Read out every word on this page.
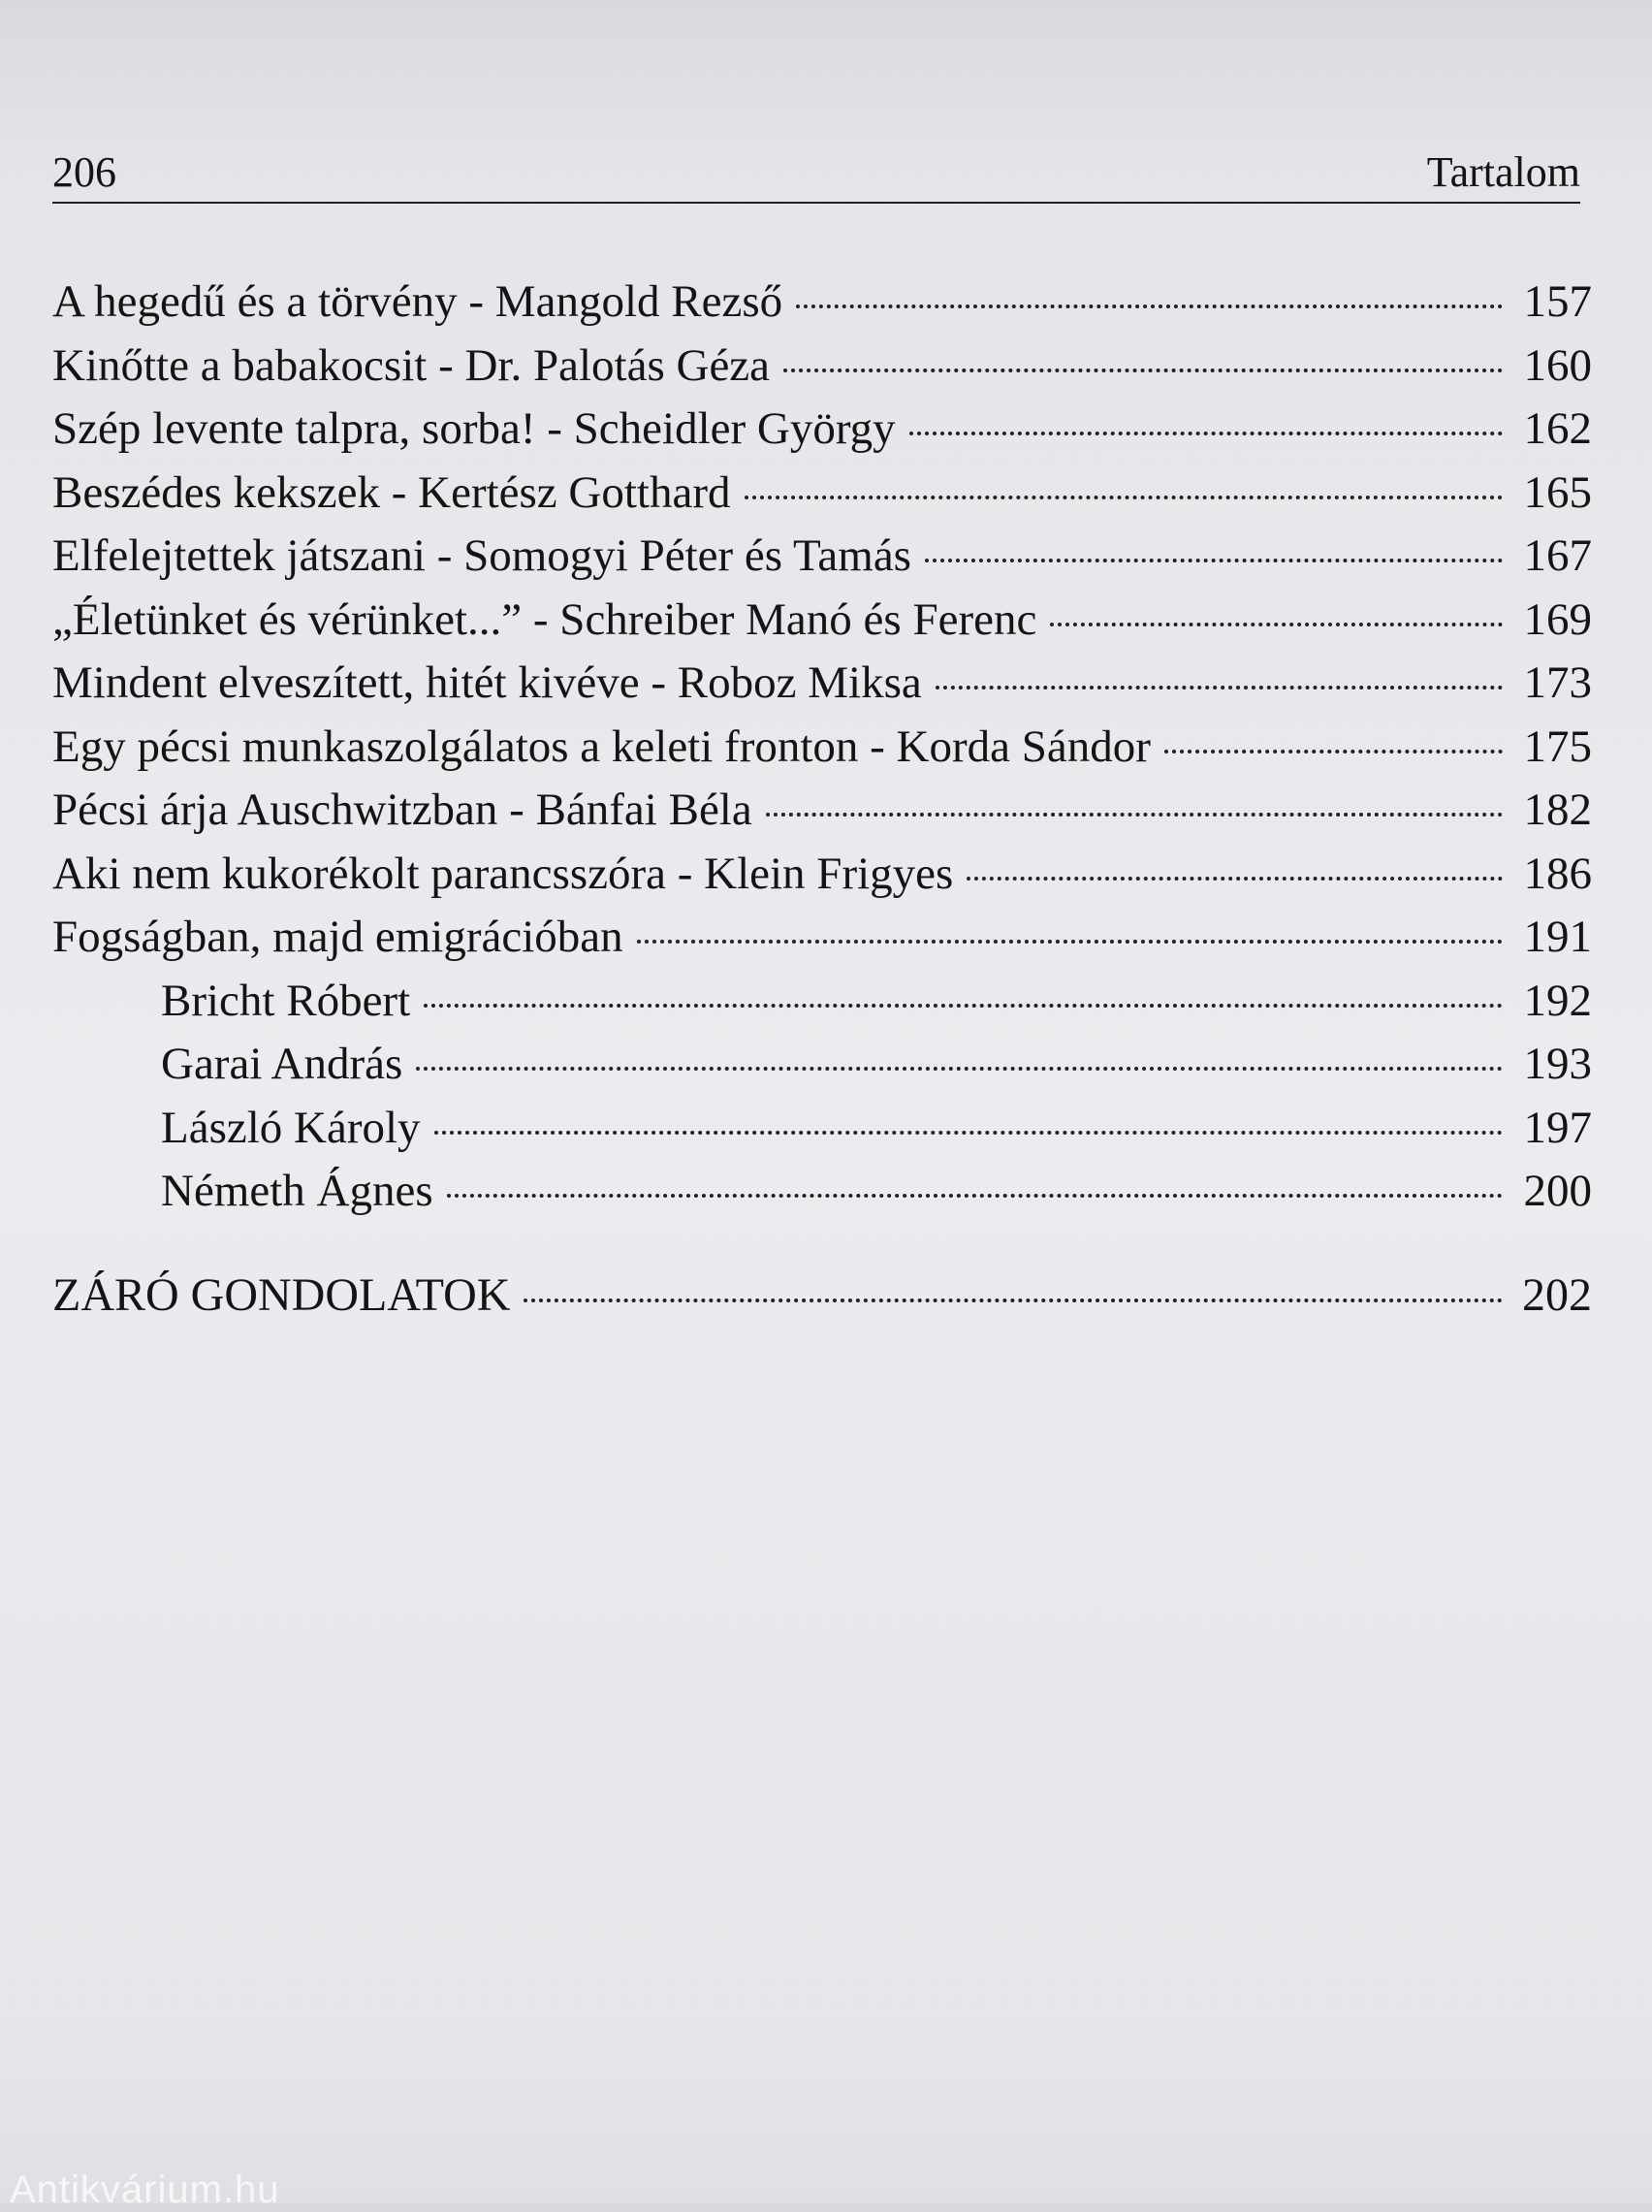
206	Tartalom
A hegedű és a törvény - Mangold Rezső	157
Kinőtte a babakocsit - Dr. Palotás Géza	160
Szép levente talpra, sorba! - Scheidler György	162
Beszédes kekszek - Kertész Gotthard	165
Elfelejtettek játszani - Somogyi Péter és Tamás	167
„Életünket és vérünket...” - Schreiber Manó és Ferenc	169
Mindent elveszített, hitét kivéve - Roboz Miksa	173
Egy pécsi munkaszolgálatos a keleti fronton - Korda Sándor	175
Pécsi árja Auschwitzban - Bánfai Béla	182
Aki nem kukorékolt parancsszóra - Klein Frigyes	186
Fogságban, majd emigrációban	191
Bricht Róbert	192
Garai András	193
László Károly	197
Németh Ágnes	200
ZÁRÓ GONDOLATOK	202
Antikvárium.hu
